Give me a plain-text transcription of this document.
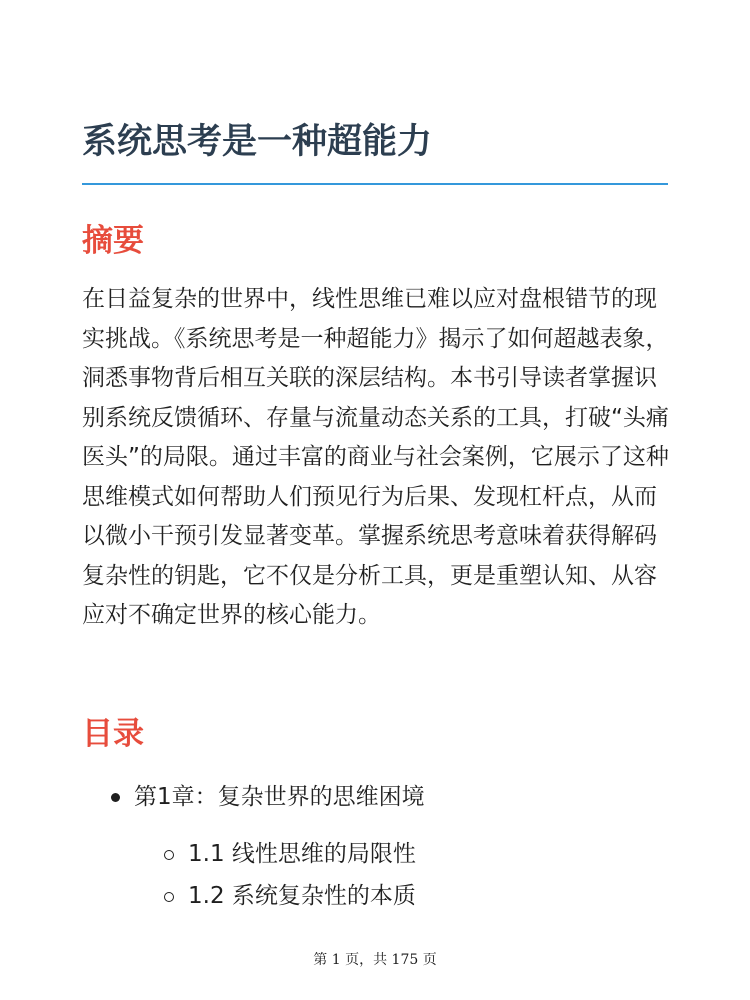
系统思考是一种超能力
摘要

在日益复杂的世界中，线性思维已难以应对盘根错节的现实挑战。《系统思考是一种超能力》揭示了如何超越表象，洞悉事物背后相互关联的深层结构。本书引导读者掌握识别系统反馈循环、存量与流量动态关系的工具，打破“头痛医头”的局限。通过丰富的商业与社会案例，它展示了这种思维模式如何帮助人们预见行为后果、发现杠杆点，从而以微小干预引发显著变革。掌握系统思考意味着获得解码复杂性的钥匙，它不仅是分析工具，更是重塑认知、从容应对不确定世界的核心能力。

目录
第1章：复杂世界的思维困境
1.1 线性思维的局限性
1.2 系统复杂性的本质
第 1 页，共 175 页
